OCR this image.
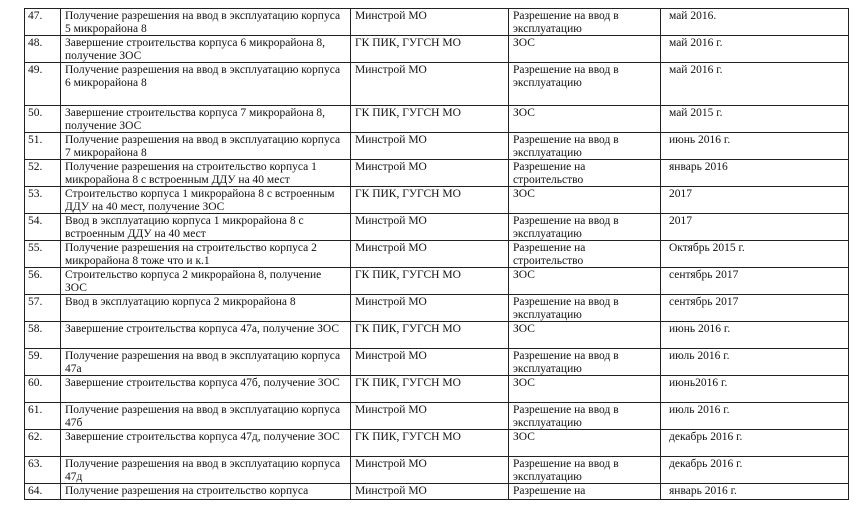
47.	Получение разрешения на ввод в эксплуатацию корпуса 5 микрорайона 8	Минстрой МО	Разрешение на ввод в эксплуатацию	май 2016.
48.	Завершение строительства корпуса 6 микрорайона 8, получение ЗОС	ГК ПИК, ГУГСН МО	ЗОС	май 2016 г.
49.	Получение разрешения на ввод в эксплуатацию корпуса 6 микрорайона 8	Минстрой МО	Разрешение на ввод в эксплуатацию	май 2016 г.
50.	Завершение строительства корпуса 7 микрорайона 8, получение ЗОС	ГК ПИК, ГУГСН МО	ЗОС	май 2015 г.
51.	Получение разрешения на ввод в эксплуатацию корпуса 7 микрорайона 8	Минстрой МО	Разрешение на ввод в эксплуатацию	июнь 2016 г.
52.	Получение разрешения на строительство корпуса 1 микрорайона 8 с встроенным ДДУ на 40 мест	Минстрой МО	Разрешение на строительство	январь 2016
53.	Строительство корпуса 1 микрорайона 8 с встроенным ДДУ на 40 мест, получение ЗОС	ГК ПИК, ГУГСН МО	ЗОС	2017
54.	Ввод в эксплуатацию корпуса 1 микрорайона 8 с встроенным ДДУ на 40 мест	Минстрой МО	Разрешение на ввод в эксплуатацию	2017
55.	Получение разрешения на строительство корпуса 2 микрорайона 8 тоже что и к.1	Минстрой МО	Разрешение на строительство	Октябрь 2015 г.
56.	Строительство корпуса 2 микрорайона 8, получение ЗОС	ГК ПИК, ГУГСН МО	ЗОС	сентябрь 2017
57.	Ввод в эксплуатацию корпуса 2 микрорайона 8	Минстрой МО	Разрешение на ввод в эксплуатацию	сентябрь 2017
58.	Завершение строительства корпуса 47а, получение ЗОС	ГК ПИК, ГУГСН МО	ЗОС	июнь 2016 г.
59.	Получение разрешения на ввод в эксплуатацию корпуса 47а	Минстрой МО	Разрешение на ввод в эксплуатацию	июль 2016 г.
60.	Завершение строительства корпуса 47б, получение ЗОС	ГК ПИК, ГУГСН МО	ЗОС	июнь2016 г.
61.	Получение разрешения на ввод в эксплуатацию корпуса 47б	Минстрой МО	Разрешение на ввод в эксплуатацию	июль 2016 г.
62.	Завершение строительства корпуса 47д, получение ЗОС	ГК ПИК, ГУГСН МО	ЗОС	декабрь 2016 г.
63.	Получение разрешения на ввод в эксплуатацию корпуса 47д	Минстрой МО	Разрешение на ввод в эксплуатацию	декабрь 2016 г.
64.	Получение разрешения на строительство корпуса	Минстрой МО	Разрешение на	январь 2016 г.
